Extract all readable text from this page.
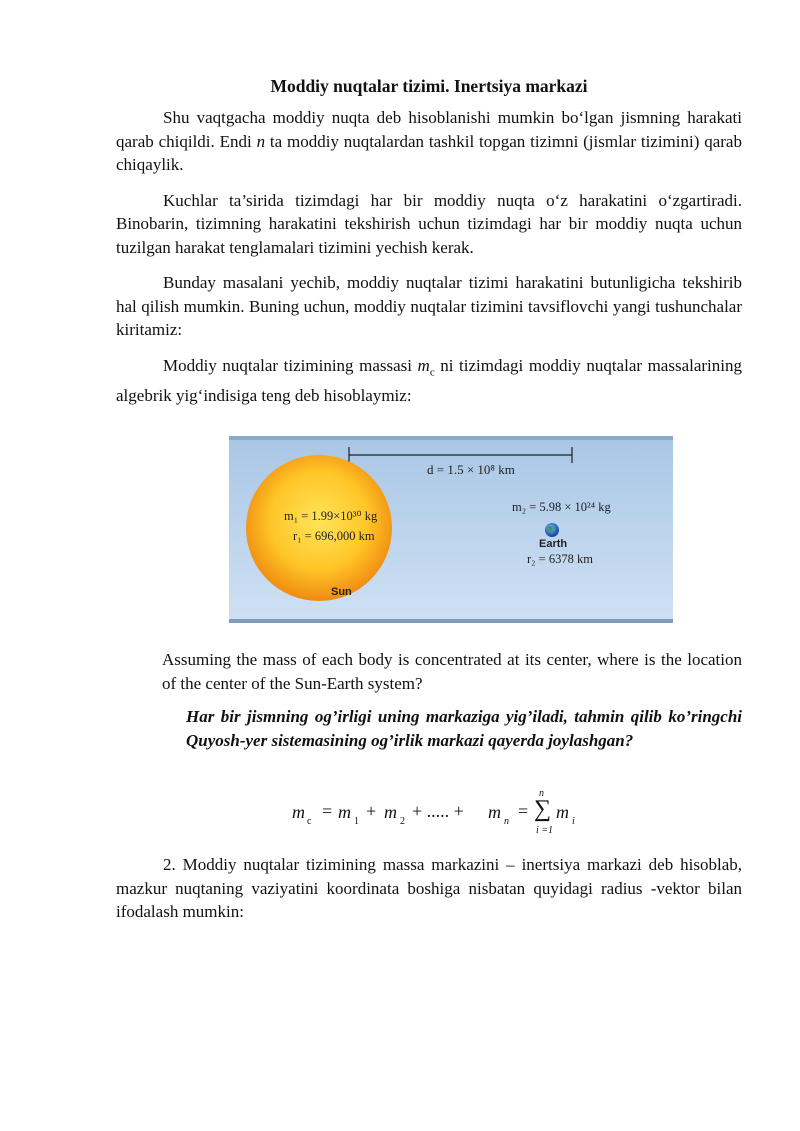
Moddiy nuqtalar tizimi. Inertsiya markazi

Shu vaqtgacha moddiy nuqta deb hisoblanishi mumkin bo‘lgan jismning harakati qarab chiqildi. Endi n ta moddiy nuqtalardan tashkil topgan tizimni (jismlar tizimini) qarab chiqaylik.

Kuchlar ta’sirida tizimdagi har bir moddiy nuqta o‘z harakatini o‘zgartiradi. Binobarin, tizimning harakatini tekshirish uchun tizimdagi har bir moddiy nuqta uchun tuzilgan harakat tenglamalari tizimini yechish kerak.

Bunday masalani yechib, moddiy nuqtalar tizimi harakatini butunligicha tekshirib hal qilish mumkin. Buning uchun, moddiy nuqtalar tizimini tavsiflovchi yangi tushunchalar kiritamiz:

Moddiy nuqtalar tizimining massasi $m_c$ ni tizimdagi moddiy nuqtalar massalarining algebrik yig‘indisiga teng deb hisoblaymiz:

d = 1.5 × 10⁸ km
m₁ = 1.99×10³⁰ kg
r₁ = 696,000 km
Sun
m₂ = 5.98 × 10²⁴ kg
Earth
r₂ = 6378 km

Assuming the mass of each body is concentrated at its center, where is the location of the center of the Sun-Earth system?

Har bir jismning og’irligi uning markaziga yig’iladi, tahmin qilib ko’ringchi Quyosh-yer sistemasining og’irlik markazi qayerda joylashgan?

m c
= m 1
+ m 2
+ ..... + m n
= ∑
n
i =1
m i

2. Moddiy nuqtalar tizimining massa markazini – inertsiya markazi deb hisoblab, mazkur nuqtaning vaziyatini koordinata boshiga nisbatan quyidagi radius -vektor bilan ifodalash mumkin:
